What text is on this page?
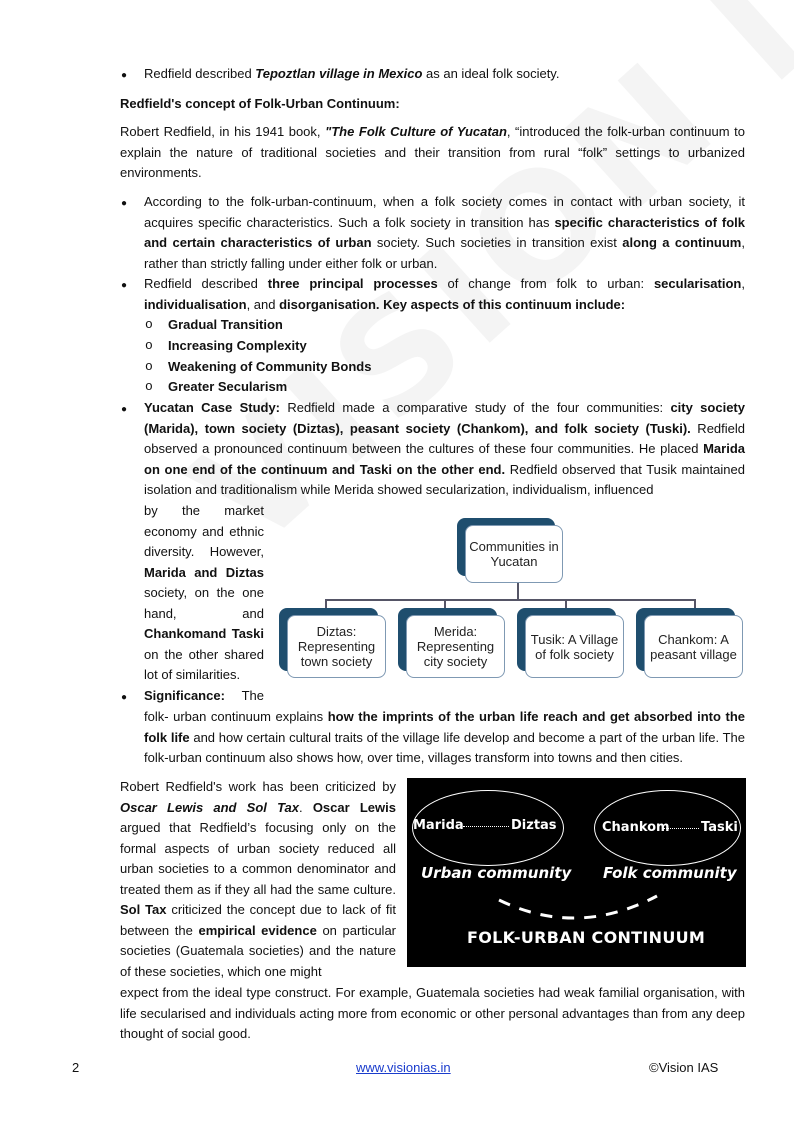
● Redfield described Tepoztlan village in Mexico as an ideal folk society.
Redfield's concept of Folk-Urban Continuum:
Robert Redfield, in his 1941 book, "The Folk Culture of Yucatan, “introduced the folk-urban continuum to explain the nature of traditional societies and their transition from rural “folk” settings to urbanized environments.
● According to the folk-urban-continuum, when a folk society comes in contact with urban society, it acquires specific characteristics. Such a folk society in transition has specific characteristics of folk and certain characteristics of urban society. Such societies in transition exist along a continuum, rather than strictly falling under either folk or urban.
● Redfield described three principal processes of change from folk to urban: secularisation, individualisation, and disorganisation. Key aspects of this continuum include:
o Gradual Transition
o Increasing Complexity
o Weakening of Community Bonds
o Greater Secularism
● Yucatan Case Study: Redfield made a comparative study of the four communities: city society (Marida), town society (Diztas), peasant society (Chankom), and folk society (Tuski). Redfield observed a pronounced continuum between the cultures of these four communities. He placed Marida on one end of the continuum and Taski on the other end. Redfield observed that Tusik maintained isolation and traditionalism while Merida showed secularization, individualism, influenced
by the market economy and ethnic diversity. However, Marida and Diztas society, on the one hand, and Chankomand Taski on the other shared lot of similarities.
Communities in Yucatan
Diztas: Representing town society
Merida: Representing city society
Tusik: A Village of folk society
Chankom: A peasant village
● Significance: The
folk- urban continuum explains how the imprints of the urban life reach and get absorbed into the folk life and how certain cultural traits of the village life develop and become a part of the urban life. The folk-urban continuum also shows how, over time, villages transform into towns and then cities.
Robert Redfield's work has been criticized by Oscar Lewis and Sol Tax. Oscar Lewis argued that Redfield’s focusing only on the formal aspects of urban society reduced all urban societies to a common denominator and treated them as if they all had the same culture. Sol Tax criticized the concept due to lack of fit between the empirical evidence on particular societies (Guatemala societies) and the nature of these societies, which one might
expect from the ideal type construct. For example, Guatemala societies had weak familial organisation, with life secularised and individuals acting more from economic or other personal advantages than from any deep thought of social good.
Marida	Diztas	Chankom Taski
Urban community Folk community
FOLK-URBAN CONTINUUM
2	www.visionias.in	©Vision IAS
